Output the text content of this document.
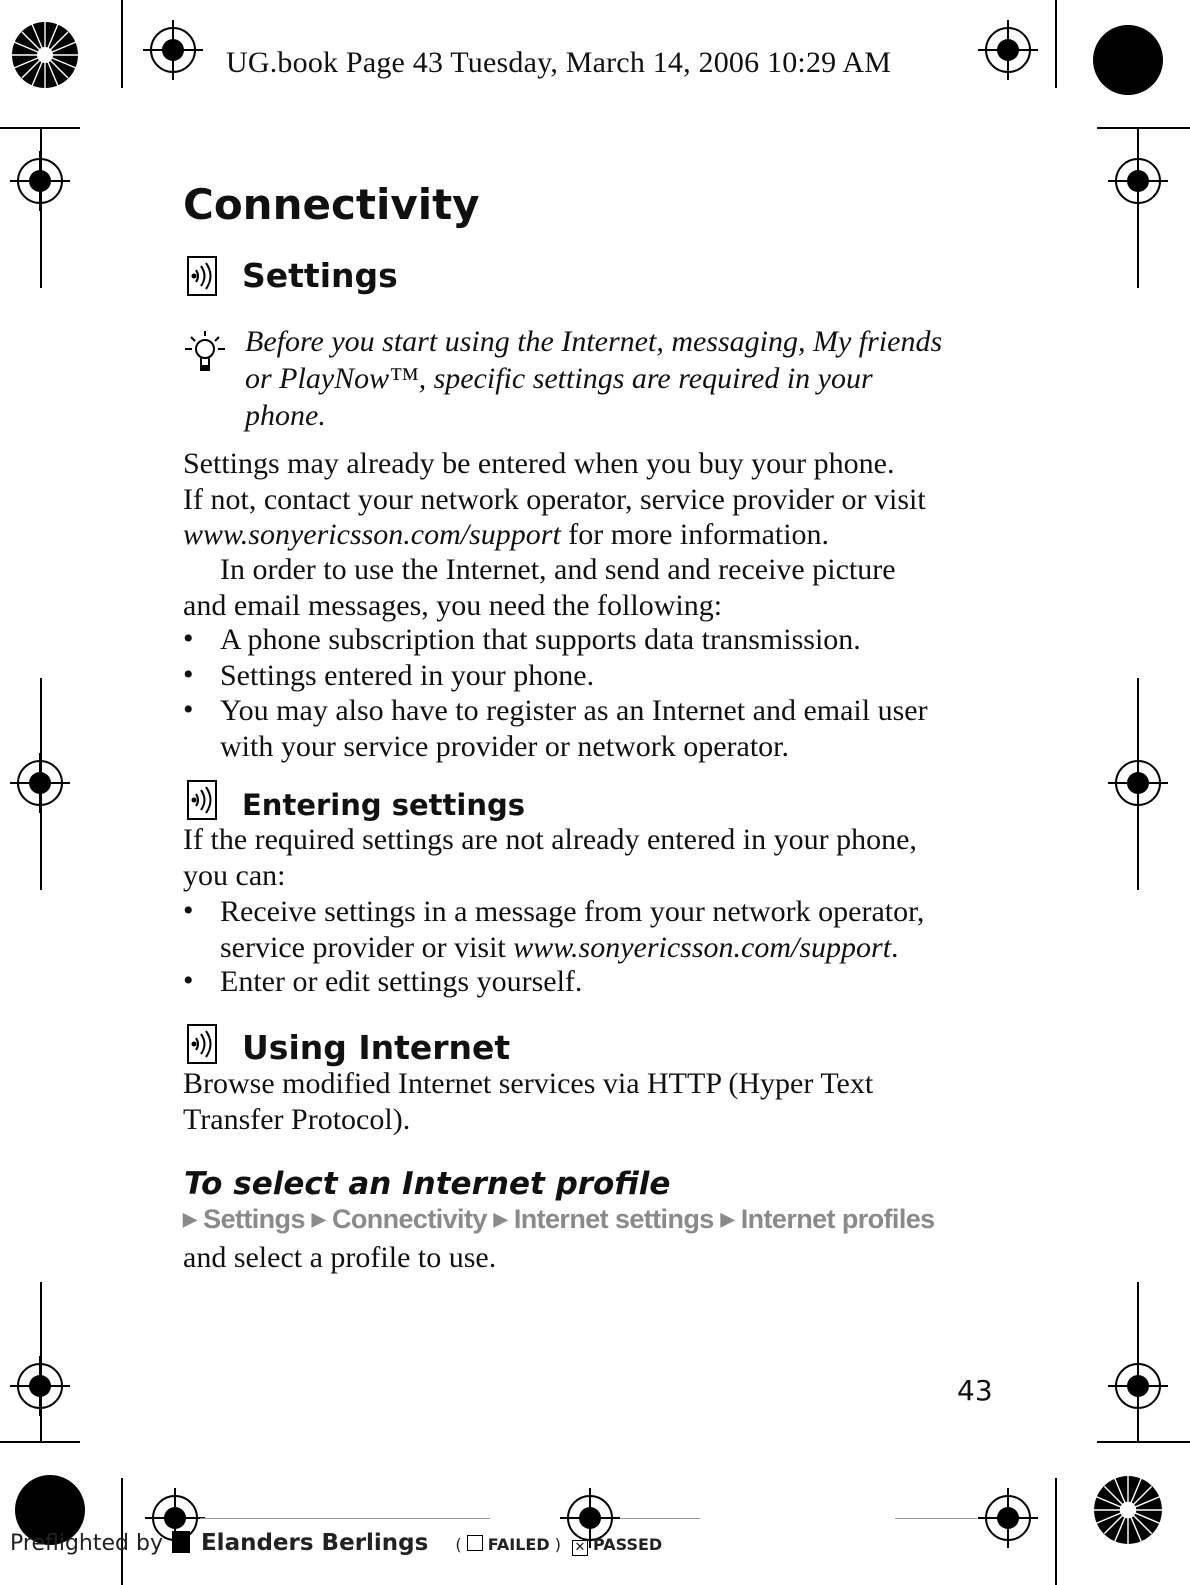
UG.book Page 43 Tuesday, March 14, 2006 10:29 AM
Connectivity
Settings
Before you start using the Internet, messaging, My friends
or PlayNow™, specific settings are required in your
phone.
Settings may already be entered when you buy your phone.
If not, contact your network operator, service provider or visit
www.sonyericsson.com/support for more information.
In order to use the Internet, and send and receive picture
and email messages, you need the following:
• A phone subscription that supports data transmission.
• Settings entered in your phone.
• You may also have to register as an Internet and email user
with your service provider or network operator.
Entering settings
If the required settings are not already entered in your phone,
you can:
• Receive settings in a message from your network operator,
service provider or visit www.sonyericsson.com/support.
• Enter or edit settings yourself.
Using Internet
Browse modified Internet services via HTTP (Hyper Text
Transfer Protocol).
To select an Internet profile
▶ Settings ▶ Connectivity ▶ Internet settings ▶ Internet profiles
and select a profile to use.
43
Preflighted by Elanders Berlings (  FAILED ) ✕ PASSED
